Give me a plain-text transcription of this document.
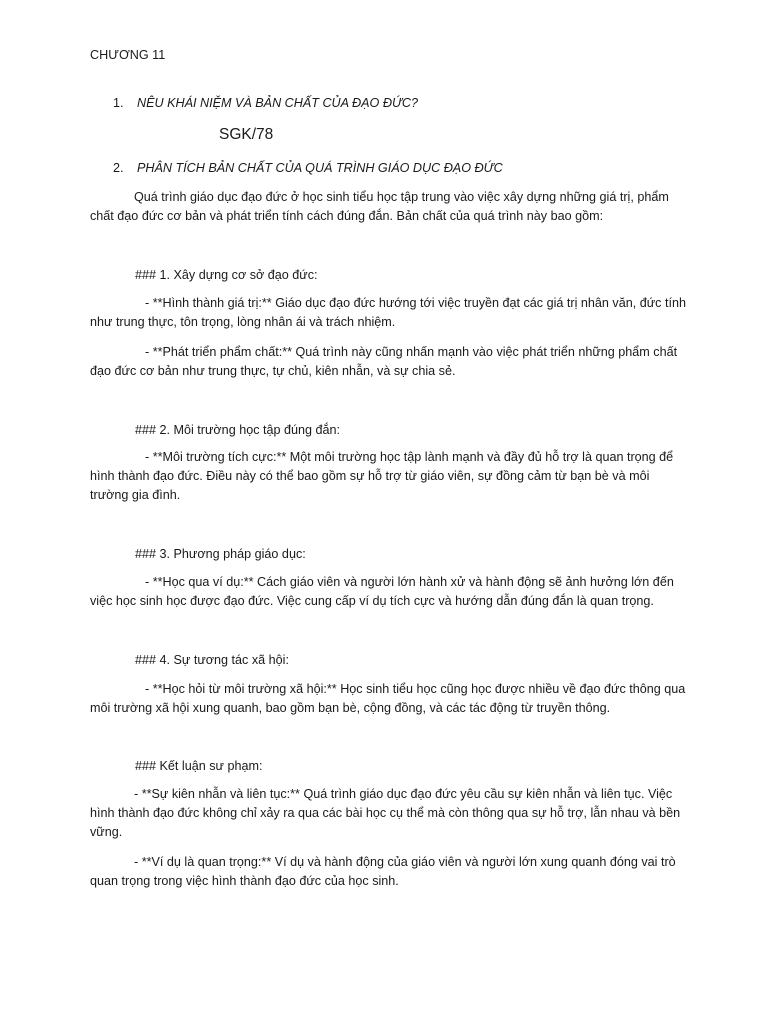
CHƯƠNG 11

1. NÊU KHÁI NIỆM VÀ BẢN CHẤT CỦA ĐẠO ĐỨC?

SGK/78

2. PHÂN TÍCH BẢN CHẤT CỦA QUÁ TRÌNH GIÁO DỤC ĐẠO ĐỨC

Quá trình giáo dục đạo đức ở học sinh tiểu học tập trung vào việc xây dựng những giá trị, phẩm chất đạo đức cơ bản và phát triển tính cách đúng đắn. Bản chất của quá trình này bao gồm:

### 1. Xây dựng cơ sở đạo đức:

- **Hình thành giá trị:** Giáo dục đạo đức hướng tới việc truyền đạt các giá trị nhân văn, đức tính như trung thực, tôn trọng, lòng nhân ái và trách nhiệm.

- **Phát triển phẩm chất:** Quá trình này cũng nhấn mạnh vào việc phát triển những phẩm chất đạo đức cơ bản như trung thực, tự chủ, kiên nhẫn, và sự chia sẻ.

### 2. Môi trường học tập đúng đắn:

- **Môi trường tích cực:** Một môi trường học tập lành mạnh và đầy đủ hỗ trợ là quan trọng để hình thành đạo đức. Điều này có thể bao gồm sự hỗ trợ từ giáo viên, sự đồng cảm từ bạn bè và môi trường gia đình.

### 3. Phương pháp giáo dục:

- **Học qua ví dụ:** Cách giáo viên và người lớn hành xử và hành động sẽ ảnh hưởng lớn đến việc học sinh học được đạo đức. Việc cung cấp ví dụ tích cực và hướng dẫn đúng đắn là quan trọng.

### 4. Sự tương tác xã hội:

- **Học hỏi từ môi trường xã hội:** Học sinh tiểu học cũng học được nhiều về đạo đức thông qua môi trường xã hội xung quanh, bao gồm bạn bè, cộng đồng, và các tác động từ truyền thông.

### Kết luận sư phạm:

- **Sự kiên nhẫn và liên tục:** Quá trình giáo dục đạo đức yêu cầu sự kiên nhẫn và liên tục. Việc hình thành đạo đức không chỉ xảy ra qua các bài học cụ thể mà còn thông qua sự hỗ trợ, lẫn nhau và bền vững.

- **Ví dụ là quan trọng:** Ví dụ và hành động của giáo viên và người lớn xung quanh đóng vai trò quan trọng trong việc hình thành đạo đức của học sinh.
